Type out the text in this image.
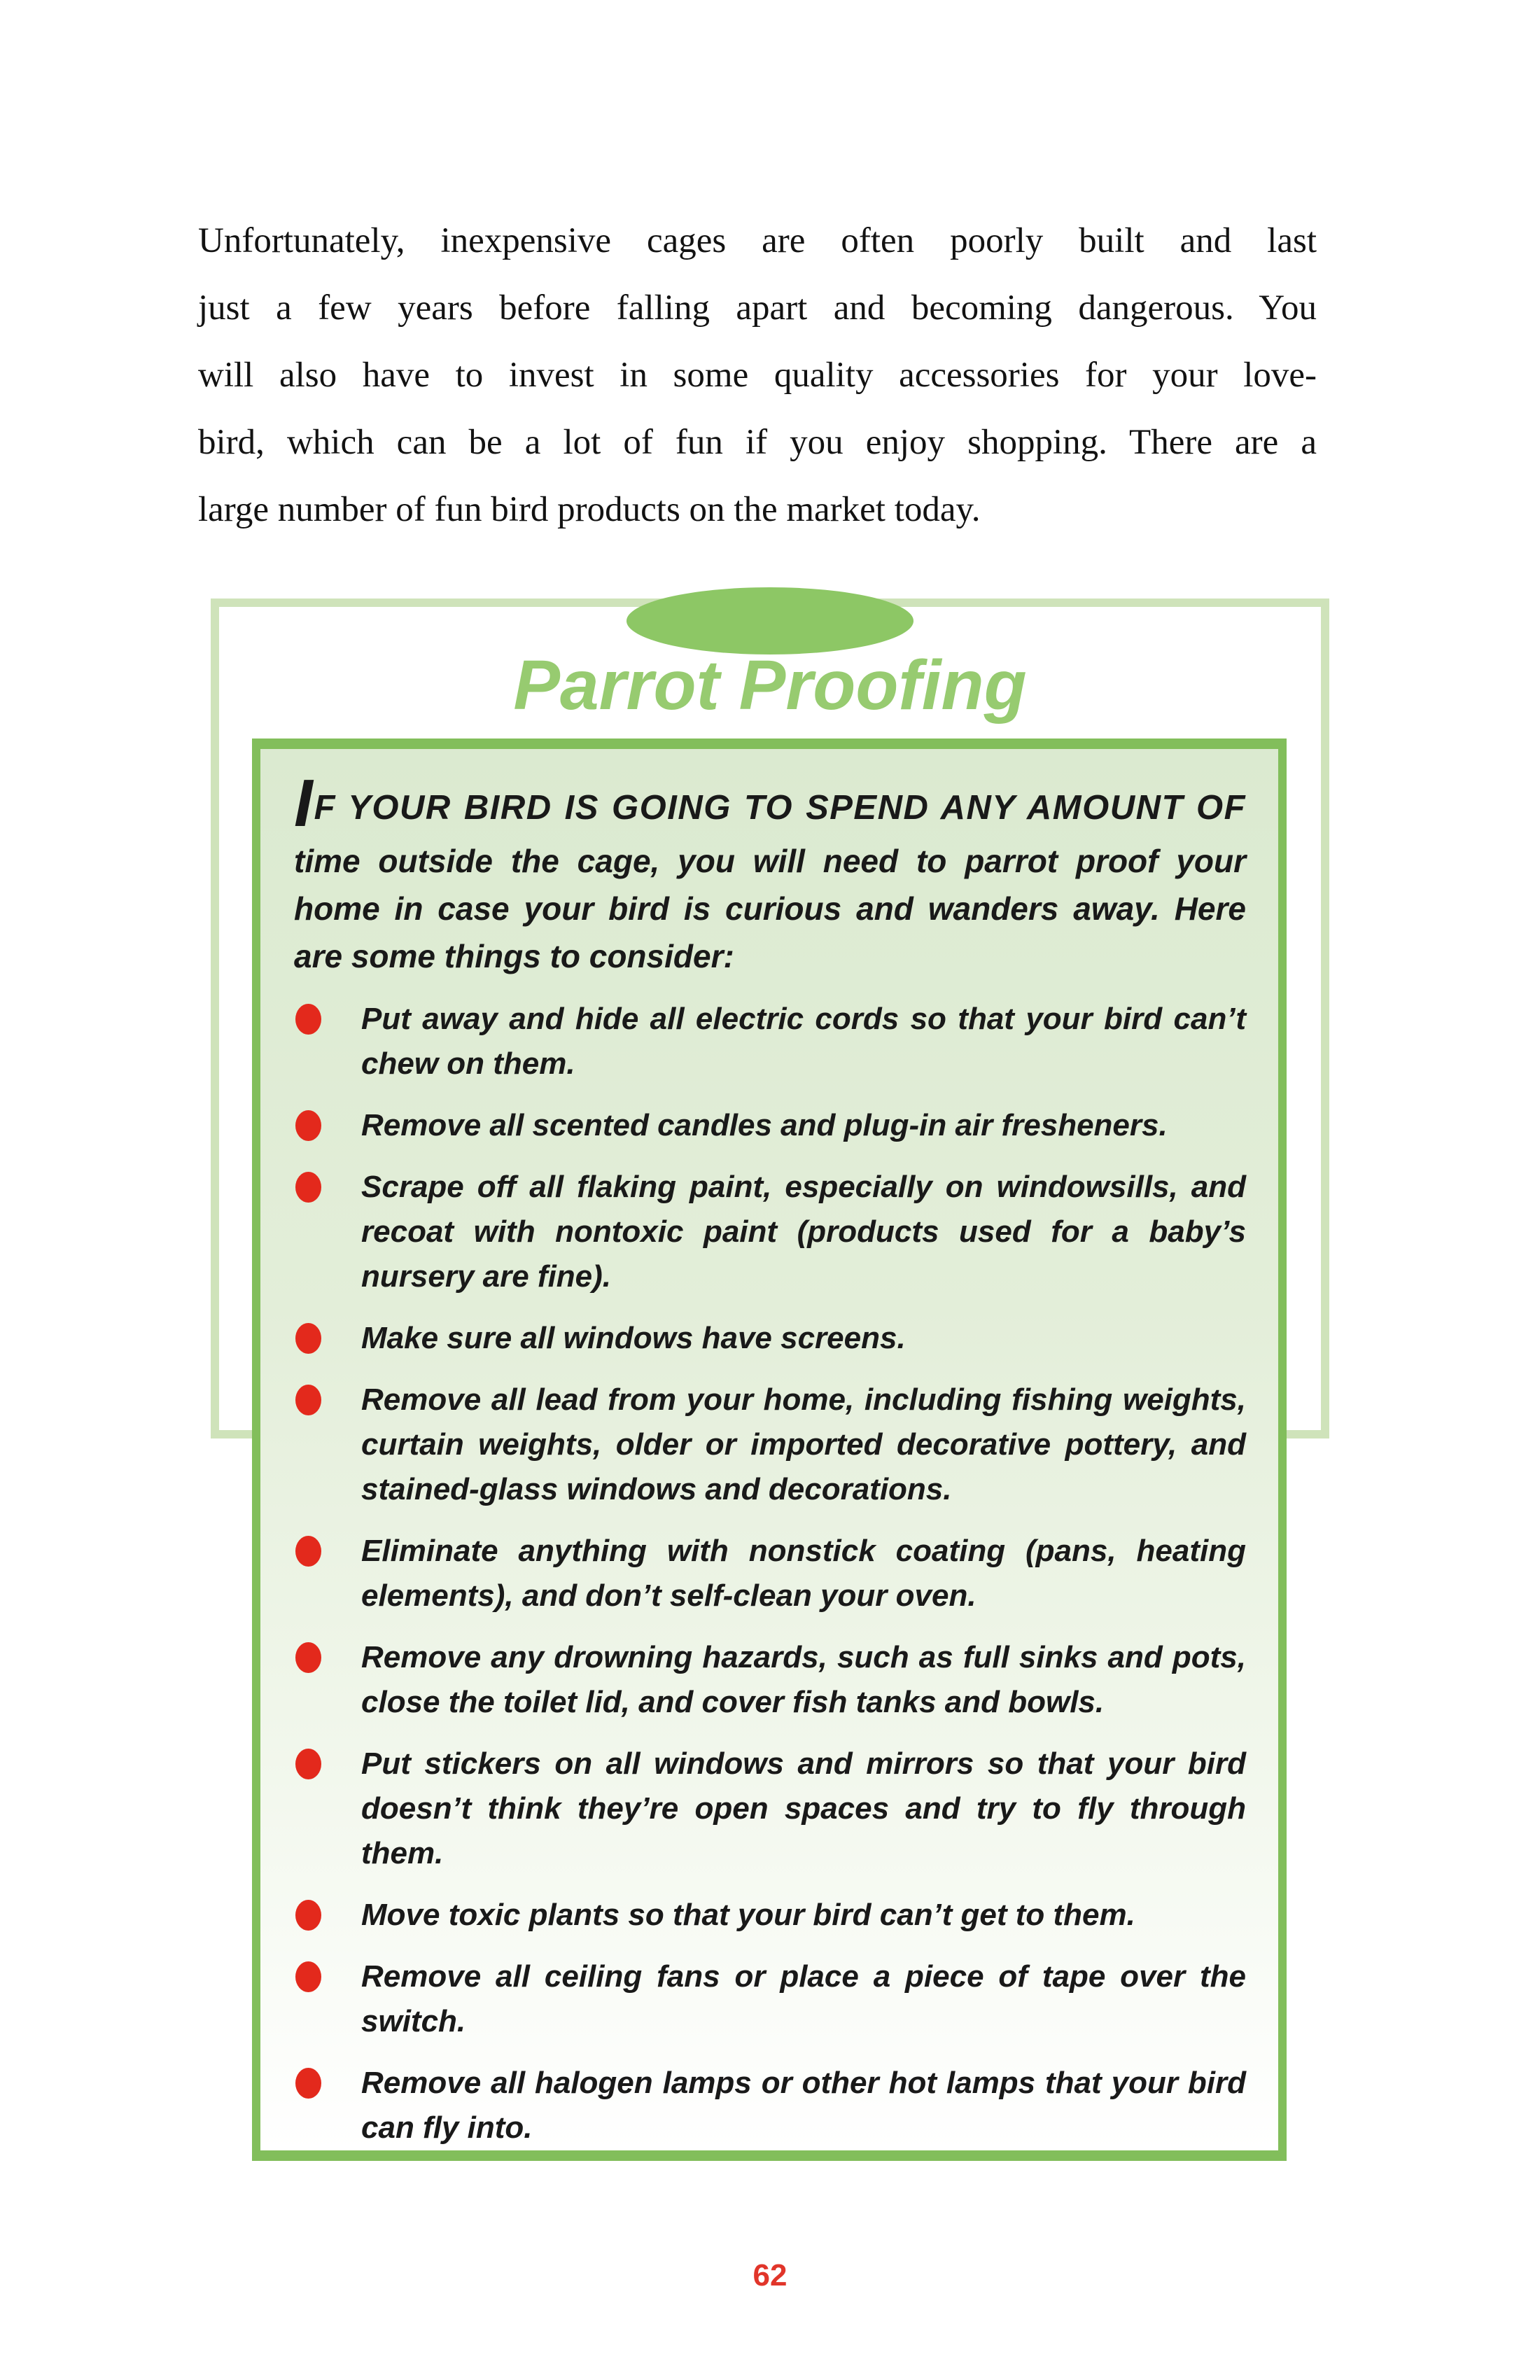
Unfortunately, inexpensive cages are often poorly built and last
just a few years before falling apart and becoming dangerous. You
will also have to invest in some quality accessories for your love-
bird, which can be a lot of fun if you enjoy shopping. There are a
large number of fun bird products on the market today.
Parrot Proofing

IF YOUR BIRD IS GOING TO SPEND ANY AMOUNT OF time outside the cage, you will need to parrot proof your home in case your bird is curious and wanders away. Here are some things to consider:

Put away and hide all electric cords so that your bird can’t chew on them.
Remove all scented candles and plug-in air fresheners.
Scrape off all flaking paint, especially on windowsills, and recoat with nontoxic paint (products used for a baby’s nursery are fine).
Make sure all windows have screens.
Remove all lead from your home, including fishing weights, curtain weights, older or imported decorative pottery, and stained-glass windows and decorations.
Eliminate anything with nonstick coating (pans, heating elements), and don’t self-clean your oven.
Remove any drowning hazards, such as full sinks and pots, close the toilet lid, and cover fish tanks and bowls.
Put stickers on all windows and mirrors so that your bird doesn’t think they’re open spaces and try to fly through them.
Move toxic plants so that your bird can’t get to them.
Remove all ceiling fans or place a piece of tape over the switch.
Remove all halogen lamps or other hot lamps that your bird can fly into.
62
